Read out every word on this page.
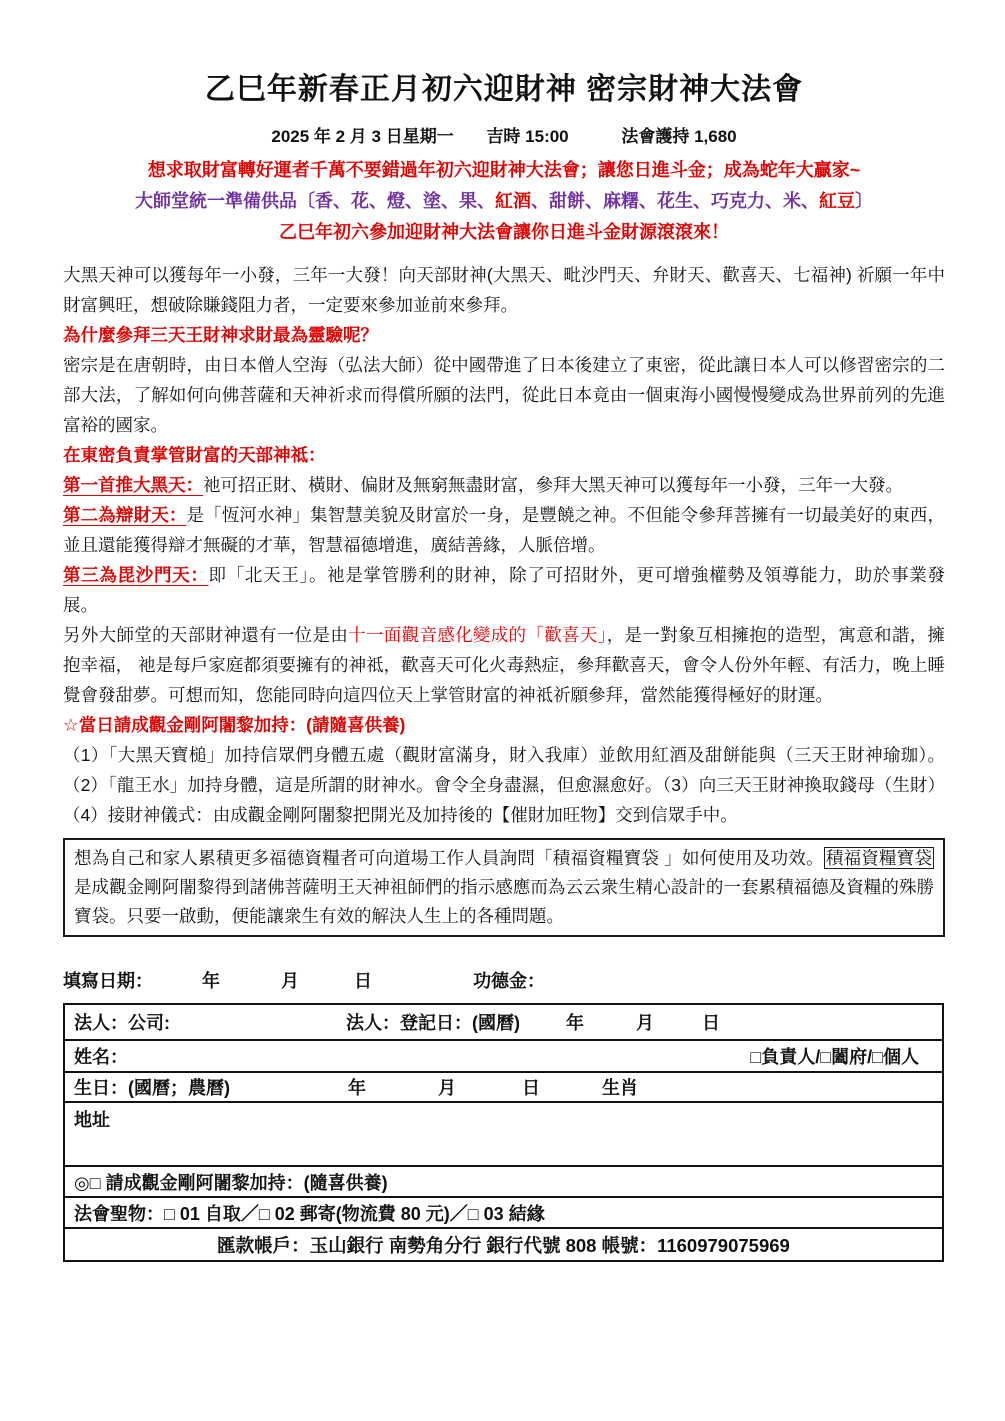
乙巳年新春正月初六迎財神 密宗財神大法會
2025 年 2 月 3 日星期一 吉時 15:00	法會護持 1,680
想求取財富轉好運者千萬不要錯過年初六迎財神大法會；讓您日進斗金；成為蛇年大贏家~
大師堂統一準備供品〔香、花、燈、塗、果、紅酒、甜餅、麻糬、花生、巧克力、米、紅豆〕
乙巳年初六參加迎財神大法會讓你日進斗金財源滾滾來！

大黑天神可以獲每年一小發，三年一大發！向天部財神(大黑天、毗沙門天、弁財天、歡喜天、七福神) 祈願一年中財富興旺，想破除賺錢阻力者，一定要來參加並前來參拜。

為什麼參拜三天王財神求財最為靈驗呢？

密宗是在唐朝時，由日本僧人空海（弘法大師）從中國帶進了日本後建立了東密，從此讓日本人可以修習密宗的二部大法，了解如何向佛菩薩和天神祈求而得償所願的法門，從此日本竟由一個東海小國慢慢變成為世界前列的先進富裕的國家。

在東密負責掌管財富的天部神祗：

第一首推大黑天：祂可招正財、橫財、偏財及無窮無盡財富，參拜大黑天神可以獲每年一小發，三年一大發。

第二為辯財天：是「恆河水神」集智慧美貌及財富於一身，是豐饒之神。不但能令參拜菩擁有一切最美好的東西，並且還能獲得辯才無礙的才華，智慧福德增進，廣結善緣，人脈倍增。

第三為毘沙門天：即「北天王」。祂是掌管勝利的財神，除了可招財外，更可增強權勢及領導能力，助於事業發展。

另外大師堂的天部財神還有一位是由十一面觀音感化變成的「歡喜天」，是一對象互相擁抱的造型，寓意和諧，擁抱幸福， 祂是每戶家庭都須要擁有的神祗，歡喜天可化火毒熱症，參拜歡喜天，會令人份外年輕、有活力，晚上睡覺會發甜夢。可想而知，您能同時向這四位天上掌管財富的神祗祈願參拜，當然能獲得極好的財運。

☆當日請成觀金剛阿闍黎加持：(請隨喜供養)

（1）「大黑天寶槌」加持信眾們身體五處（觀財富滿身，財入我庫）並飲用紅酒及甜餅能與（三天王財神瑜珈）。（2）「龍王水」加持身體，這是所謂的財神水。會令全身盡濕，但愈濕愈好。（3）向三天王財神換取錢母（生財）（4）接財神儀式：由成觀金剛阿闍黎把開光及加持後的【催財加旺物】交到信眾手中。

想為自己和家人累積更多福德資糧者可向道場工作人員詢問「積福資糧寶袋 」如何使用及功效。 積福資糧寶袋是成觀金剛阿闍黎得到諸佛菩薩明王天神祖師們的指示感應而為云云衆生精心設計的一套累積福德及資糧的殊勝寶袋。只要一啟動，便能讓衆生有效的解決人生上的各種問題。
填寫日期：	年	月	日	功德金：
法人：公司:	法人：登記日：(國曆)	年	月	日
姓名：	□負責人/□闔府/□個人
生日：(國曆；農曆)	年	月	日	生肖
地址
◎□ 請成觀金剛阿闍黎加持：(隨喜供養)
法會聖物：□ 01 自取／□ 02 郵寄(物流費 80 元)／□ 03 結緣
匯款帳戶：玉山銀行 南勢角分行 銀行代號 808 帳號：1160979075969
